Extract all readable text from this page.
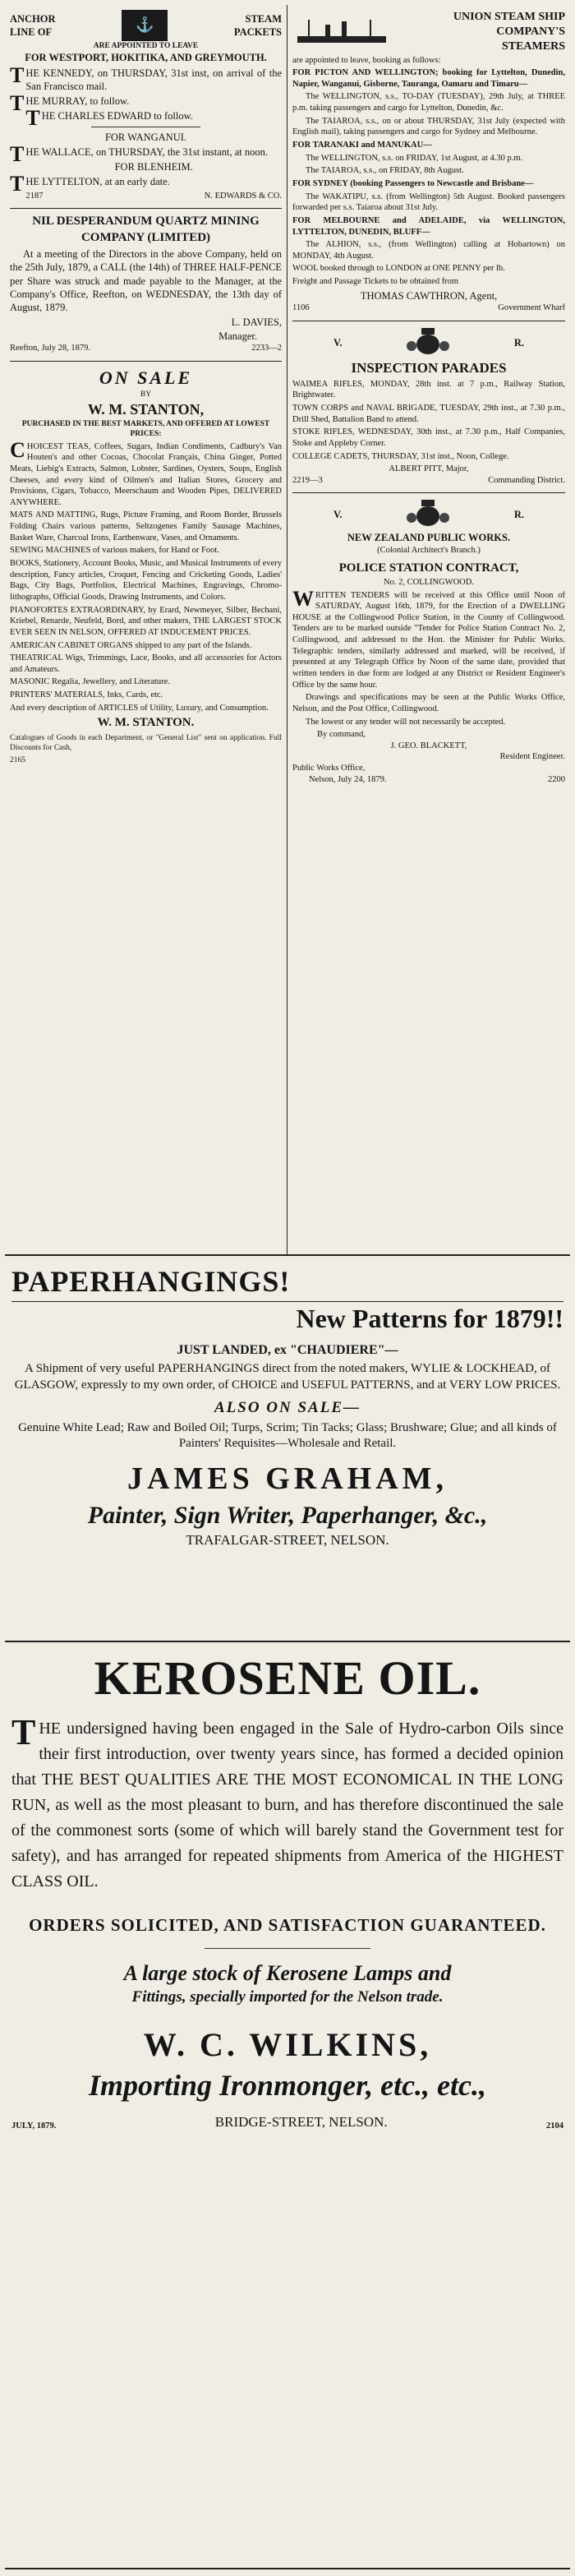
ANCHOR
LINE OF	⚓	STEAM
PACKETS
ARE APPOINTED TO LEAVE
FOR WESTPORT, HOKITIKA, AND GREYMOUTH.

THE KENNEDY, on THURSDAY, 31st inst, on arrival of the San Francisco mail.

THE MURRAY, to follow.

THE CHARLES EDWARD to follow.

FOR WANGANUI.

THE WALLACE, on THURSDAY, the 31st instant, at noon.

FOR BLENHEIM.

THE LYTTELTON, at an early date.

2187	N. EDWARDS & CO.
NIL DESPERANDUM QUARTZ MINING COMPANY (LIMITED)

At a meeting of the Directors in the above Company, held on the 25th July, 1879, a CALL (the 14th) of THREE HALF-PENCE per Share was struck and made payable to the Manager, at the Company's Office, Reefton, on WEDNESDAY, the 13th day of August, 1879.

L. DAVIES,
Manager.
Reefton, July 28, 1879.	2233—2
ON SALE
BY
W. M. STANTON,
PURCHASED IN THE BEST MARKETS, AND OFFERED AT LOWEST PRICES:

CHOICEST TEAS, Coffees, Sugars, Indian Condiments, Cadbury's Van Houten's and other Cocoas, Chocolat Français, China Ginger, Potted Meats, Liebig's Extracts, Salmon, Lobster, Sardines, Oysters, Soups, English Cheeses, and every kind of Oilmen's and Italian Stores, Grocery and Provisions, Cigars, Tobacco, Meerschaum and Wooden Pipes, DELIVERED ANYWHERE.

MATS AND MATTING, Rugs, Picture Framing, and Room Border, Brussels Folding Chairs various patterns, Seltzogenes Family Sausage Machines, Basket Ware, Charcoal Irons, Earthenware, Vases, and Ornaments.

SEWING MACHINES of various makers, for Hand or Foot.

BOOKS, Stationery, Account Books, Music, and Musical Instruments of every description, Fancy articles, Croquet, Fencing and Cricketing Goods, Ladies' Bags, City Bags, Portfolios, Electrical Machines, Engravings, Chromo-lithographs, Official Goods, Drawing Instruments, and Colors.

PIANOFORTES EXTRAORDINARY, by Erard, Newmeyer, Silber, Bechani, Kriebel, Renarde, Neufeld, Bord, and other makers, THE LARGEST STOCK EVER SEEN IN NELSON, OFFERED AT INDUCEMENT PRICES.

AMERICAN CABINET ORGANS shipped to any part of the Islands.

THEATRICAL Wigs, Trimmings, Lace, Books, and all accessories for Actors and Amateurs.

MASONIC Regalia, Jewellery, and Literature.

PRINTERS' MATERIALS, Inks, Cards, etc.

And every description of ARTICLES of Utility, Luxury, and Consumption.

W. M. STANTON.

Catalogues of Goods in each Department, or "General List" sent on application. Full Discounts for Cash,

2165
UNION STEAM SHIP COMPANY'S STEAMERS
are appointed to leave, booking as follows:

FOR PICTON AND WELLINGTON; booking for Lyttelton, Dunedin, Napier, Wanganui, Gisborne, Tauranga, Oamaru and Timaru—

The WELLINGTON, s.s., TO-DAY (TUESDAY), 29th July, at THREE p.m. taking passengers and cargo for Lyttelton, Dunedin, &c.

The TAIAROA, s.s., on or about THURSDAY, 31st July (expected with English mail), taking passengers and cargo for Sydney and Melbourne.

FOR TARANAKI and MANUKAU—

The WELLINGTON, s.s. on FRIDAY, 1st August, at 4.30 p.m.

The TAIAROA, s.s., on FRIDAY, 8th August.

FOR SYDNEY (booking Passengers to Newcastle and Brisbane—

The WAKATIPU, s.s. (from Wellington) 5th August. Booked passengers forwarded per s.s. Taiaroa about 31st July.

FOR MELBOURNE and ADELAIDE, via WELLINGTON, LYTTELTON, DUNEDIN, BLUFF—

The ALHION, s.s., (from Wellington) calling at Hobartown) on MONDAY, 4th August.

WOOL booked through to LONDON at ONE PENNY per lb.

Freight and Passage Tickets to be obtained from

THOMAS CAWTHRON, Agent,
1106	Government Wharf
V.	R.
INSPECTION PARADES

WAIMEA RIFLES, MONDAY, 28th inst. at 7 p.m., Railway Station, Brightwater.

TOWN CORPS and NAVAL BRIGADE, TUESDAY, 29th inst., at 7.30 p.m., Drill Shed, Battalion Band to attend.

STOKE RIFLES, WEDNESDAY, 30th inst., at 7.30 p.m., Half Companies, Stoke and Appleby Corner.

COLLEGE CADETS, THURSDAY, 31st inst., Noon, College.

ALBERT PITT, Major,
2219—3	Commanding District.
V.	R.
NEW ZEALAND PUBLIC WORKS.
(Colonial Architect's Branch.)
POLICE STATION CONTRACT,
No. 2, COLLINGWOOD.

WRITTEN TENDERS will be received at this Office until Noon of SATURDAY, August 16th, 1879, for the Erection of a DWELLING HOUSE at the Collingwood Police Station, in the County of Collingwood. Tenders are to be marked outside "Tender for Police Station Contract No. 2, Collingwood, and addressed to the Hon. the Minister for Public Works. Telegraphic tenders, similarly addressed and marked, will be received, if presented at any Telegraph Office by Noon of the same date, provided that written tenders in due form are lodged at any District or Resident Engineer's Office by the same hour.

Drawings and specifications may be seen at the Public Works Office, Nelson, and the Post Office, Collingwood.

The lowest or any tender will not necessarily be accepted.

By command,
J. GEO. BLACKETT,
Resident Engineer.
Public Works Office,
Nelson, July 24, 1879.	2200
PAPERHANGINGS!
New Patterns for 1879!!
JUST LANDED, ex "CHAUDIERE"—

A Shipment of very useful PAPERHANGINGS direct from the noted makers, WYLIE & LOCKHEAD, of GLASGOW, expressly to my own order, of CHOICE and USEFUL PATTERNS, and at VERY LOW PRICES.

ALSO ON SALE—

Genuine White Lead; Raw and Boiled Oil; Turps, Scrim; Tin Tacks; Glass; Brushware; Glue; and all kinds of Painters' Requisites—Wholesale and Retail.

JAMES GRAHAM,
Painter, Sign Writer, Paperhanger, &c.,
TRAFALGAR-STREET, NELSON.
KEROSENE OIL.
THE undersigned having been engaged in the Sale of Hydro-carbon Oils since their first introduction, over twenty years since, has formed a decided opinion that THE BEST QUALITIES ARE THE MOST ECONOMICAL IN THE LONG RUN, as well as the most pleasant to burn, and has therefore discontinued the sale of the commonest sorts (some of which will barely stand the Government test for safety), and has arranged for repeated shipments from America of the HIGHEST CLASS OIL.
ORDERS SOLICITED, AND SATISFACTION GUARANTEED.
A large stock of Kerosene Lamps and
Fittings, specially imported for the Nelson trade.
W. C. WILKINS,
Importing Ironmonger, etc., etc.,
JULY, 1879.	BRIDGE-STREET, NELSON.	2104
